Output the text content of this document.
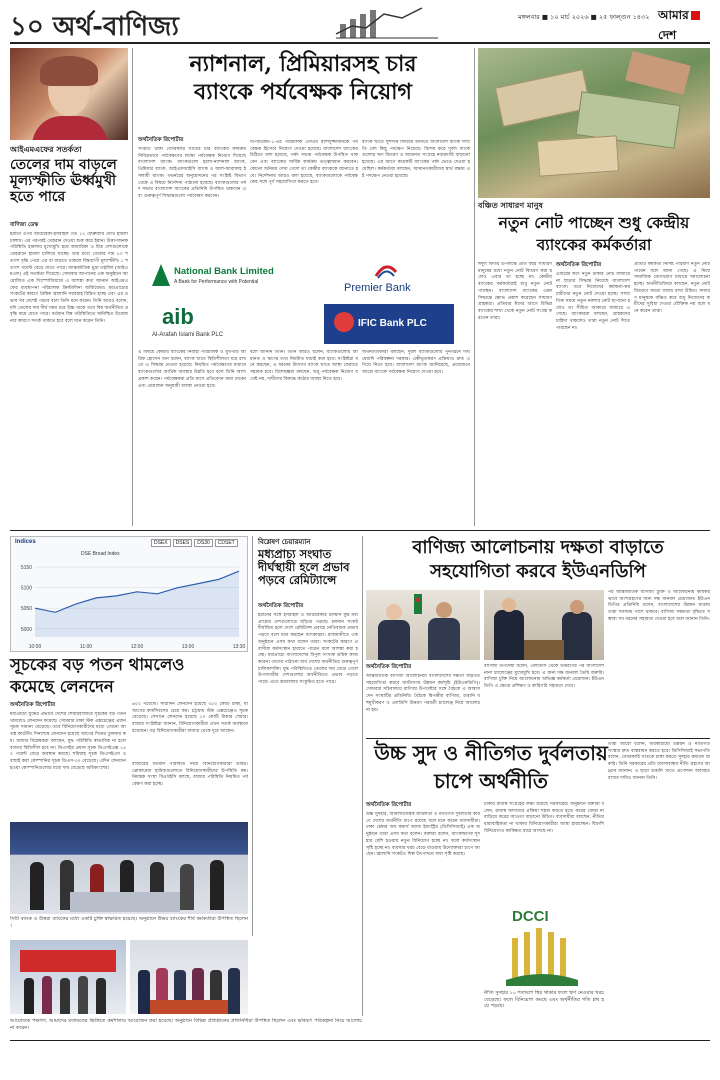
১০ অর্থ-বাণিজ্য	মঙ্গলবার ■ ১০ মার্চ ২০২৬ ■ ২৫ ফাল্গুন ১৪৩২ আমারদেশ
আইএমএফের সতর্কতা
তেলের দাম বাড়লে মূল্যস্ফীতি ঊর্ধ্বমুখী হতে পারে
বাণিজ্য ডেস্ক
ইরানে ওপর আমেরিকা-ইসরাইল গত ১২ ফেব্রুয়ারি যৌথ হামলা চালায়। এর পরপরই তেহরান দেওয়া শুরু করে ইরান। উত্তাপজনক পরিস্থিতি হামলায় মুখোমুখি হয়ে আমারিকা ও মিত্র দেশগুলোকে তেহরানে হামলা চালিয়ে যাচ্ছে। তার মধ্যে তেলের দাম ৮০ শতাংশ বৃদ্ধি পেয়ে এর বা বাড়তে থাকলে বিশ্বব্যাপী মূল্যস্ফীতি ১ শতাংশ পয়েন্ট বেড়ে যেতে পারে। আন্তর্জাতিক মুদ্রা তহবিল (আইএমএফ) এই সতর্কতা দিয়েছে। সোমবার জাপানের এক অনুষ্ঠানে আয়োজিত এক সিম্পোজিয়ামে এ আশঙ্কা কথা জানান আইএমএফের ব্যবস্থাপনা পরিচালক ক্রিস্টালিনা জর্জিয়েভা। মধ্যপ্রাচ্যের সংকটের কারণে বৈশ্বিক জ্বালানি সরবরাহ বিঘ্নিত হচ্ছে এবং এর প্রভাব সব দেশেই পড়বে বলে তিনি মনে করেন। তিনি আরও বলেন, যদি তেলের দাম দীর্ঘ সময় ধরে উচ্চ থাকে তবে বিশ্ব অর্থনীতির প্রবৃদ্ধি কমে যেতে পারে। বর্তমান বিশ্ব পরিস্থিতিতে অনিশ্চিত উত্তেজনার কারণে সতর্ক থাকতে হবে বলে মনে করেন তিনি।
ন্যাশনাল, প্রিমিয়ারসহ চার
ব্যাংকে পর্যবেক্ষক নিয়োগ
অর্থনৈতিক রিপোর্টার
সংকটে থাকা বেসরকারি খাতের চার ব্যাংকের কার্যক্রম নিবিড়ভাবে পর্যবেক্ষণের লক্ষ্যে পর্যবেক্ষক নিয়োগ দিয়েছে বাংলাদেশ ব্যাংক। ব্যাংকগুলো হলো-ন্যাশনাল ব্যাংক, প্রিমিয়ার ব্যাংক, আইএফআইসি ব্যাংক ও আল-আরাফাহ ইসলামী ব্যাংক। গভর্নরের অনুমোদনের পর সংশ্লিষ্ট বিভাগ থেকে এ বিষয়ে নির্দেশনা পাঠানো হয়েছে। ব্যাংকগুলোর পর্ষদ সভায় বাংলাদেশ ব্যাংকের প্রতিনিধি উপস্থিত থাকবেন এবং গুরুত্বপূর্ণ সিদ্ধান্তগুলো পর্যবেক্ষণ করবেন।
ডিপার্টমেন্ট-১-এর পরিচালক এসএম রাশিদুজ্জামানকে পর্যবেক্ষক হিসেবে নিয়োগ দেওয়া হয়েছে। বাংলাদেশ ব্যাংকের চিঠিতে বলা হয়েছে, পর্ষদ সভায় পর্যবেক্ষক উপস্থিত থাকবেন এবং ব্যাংকের সার্বিক কার্যক্রম তত্ত্বাবধান করবেন। কোনো অনিয়ম দেখা গেলে তা কেন্দ্রীয় ব্যাংককে জানাতে হবে। নির্দেশনায় আরও বলা হয়েছে, ব্যাংকগুলোকে পর্যবেক্ষকের সঙ্গে পূর্ণ সহযোগিতা করতে হবে।
ব্যাংক খাতে সুশাসন ফিরিয়ে আনতে বাংলাদেশ ব্যাংক সম্প্রতি বেশ কিছু পদক্ষেপ নিয়েছে। বিশেষ করে দুর্বল ব্যাংকগুলোর ঋণ বিতরণ ও আমানত সংগ্রহে নজরদারি বাড়ানো হয়েছে। এর আগে কয়েকটি ব্যাংকের পর্ষদ ভেঙে দেওয়া হয়েছিল। কর্মকর্তারা বলছেন, আমানতকারীদের স্বার্থ রক্ষায় এই পদক্ষেপ নেওয়া হয়েছে।
National Bank Limited
A Bank for Performance with Potential	Premier Bank
aib
Al-Arafah Islami Bank PLC
IFIC Bank PLC
এ বিষয়ে কেন্দ্রীয় ব্যাংকের নির্বাহী পরিচালক ও মুখপাত্র আরিফ হোসেন খান বলেন, ব্যাংক খাতে স্থিতিশীলতা ধরে রাখতে এ সিদ্ধান্ত নেওয়া হয়েছে। নিয়মিত পর্যবেক্ষণের মাধ্যমে ব্যাংকগুলোর আর্থিক অবস্থার উন্নতি হবে বলে তিনি আশা প্রকাশ করেন। পর্যবেক্ষকরা প্রতি মাসে প্রতিবেদন জমা দেবেন এবং প্রয়োজন অনুযায়ী ব্যবস্থা নেওয়া হবে।
বলে জানান তিনি। তিনি আরও বলেন, ব্যাংকগুলোর আমানত ও ঋণের তথ্য নিয়মিত যাচাই করা হবে। সংশ্লিষ্টরা মনে করছেন, এ ধরনের উদ্যোগ ব্যাংক খাতে আস্থা ফেরাতে সহায়ক হবে। বিশেষজ্ঞরা বলছেন, শুধু পর্যবেক্ষক নিয়োগ যথেষ্ট নয়, দায়ীদের বিরুদ্ধে কঠোর ব্যবস্থা নিতে হবে।
অর্থনীতিবিদরা বলছেন, দুর্বল ব্যাংকগুলোর পুনর্গঠনে দীর্ঘমেয়াদি পরিকল্পনা দরকার। একীভূতকরণ প্রক্রিয়াও দ্রুত এগিয়ে নিতে হবে। বাংলাদেশ ব্যাংক জানিয়েছে, প্রয়োজনে আরো ব্যাংকে পর্যবেক্ষক নিয়োগ দেওয়া হবে।
বঞ্চিত সাধারণ মানুষ
নতুন নোট পাচ্ছেন শুধু কেন্দ্রীয়
ব্যাংকের কর্মকর্তারা
ঈদুল ফিতর উপলক্ষে প্রতি বছর সাধারণ মানুষের মধ্যে নতুন নোট বিতরণ করা হলেও এবার তা হচ্ছে না। কেন্দ্রীয় ব্যাংকের কর্মকর্তারাই শুধু নতুন নোট পাচ্ছেন। বাংলাদেশ ব্যাংকের এমন সিদ্ধান্তে ক্ষোভ প্রকাশ করেছেন সাধারণ গ্রাহকরা। প্রতিবার ঈদের আগে বিভিন্ন ব্যাংকের শাখা থেকে নতুন নোট সংগ্রহ করতেন তারা।
অর্থনৈতিক রিপোর্টার
এবারের ঈদে নতুন টাকার নোট বাজারে না ছাড়ার সিদ্ধান্ত নিয়েছে বাংলাদেশ ব্যাংক। তবে নিজেদের কর্মকর্তা-কর্মচারীদের নতুন নোট দেওয়া হচ্ছে। সাম্প্রতিক সময়ে নতুন নকশার নোট ছাপানো হলেও তা সীমিত আকারে বাজারে এসেছে। ব্যাংকাররা বলছেন, গ্রাহকদের চাহিদা থাকলেও তারা নতুন নোট দিতে পারছেন না।
প্রতিটি কর্মকর্তা নির্দিষ্ট পরিমাণ নতুন নোট পাবেন বলে জানা গেছে। এ নিয়ে সামাজিক যোগাযোগ মাধ্যমে সমালোচনা হচ্ছে। অর্থনীতিবিদরা বলছেন, নতুন নোট বিতরণে সমতা বজায় রাখা উচিত। সাধারণ মানুষকে বঞ্চিত করে শুধু নিজেদের কর্মীদের সুবিধা দেওয়া যৌক্তিক নয় বলে মনে করেন তারা।
Indices	DSEX	DSES	DS30	CDSET
DSE Broad Index
5000
5050
5100
5150
10:00	11:00	12:00	13:00	13:30
সূচকের বড় পতন থামলেও
কমেছে লেনদেন
অর্থনৈতিক রিপোর্টার
মধ্যপ্রাচ্যে যুদ্ধের প্রভাবে দেশের শেয়ারবাজারে সূচকের বড় পতন থামলেও লেনদেন কমেছে। সোমবার ঢাকা স্টক এক্সচেঞ্জের প্রধান সূচক সামান্য বেড়েছে। তবে বিনিয়োগকারীদের মধ্যে এখনো আতঙ্ক কাটেনি। দিনশেষে লেনদেন হয়েছে আগের দিনের তুলনায় কম। বাজার বিশ্লেষকরা বলছেন, যুদ্ধ পরিস্থিতি স্বাভাবিক না হলে বাজার স্থিতিশীল হবে না। ডিএসইর প্রধান সূচক ডিএসইএক্স ১৪০ পয়েন্ট বেড়ে অবস্থান করছে। শরিয়াহ সূচক ডিএসইএস ও বাছাই করা কোম্পানির সূচক ডিএস-৩০ বেড়েছে। এদিন লেনদেন হওয়া কোম্পানিগুলোর মধ্যে দাম বেড়েছে অধিকাংশের।
৬০০ পয়েন্টে। সারাদিন লেনদেন হয়েছে ৩৫০ কোটি টাকা, যা আগের কার্যদিবসের চেয়ে কম। চট্টগ্রাম স্টক এক্সচেঞ্জেও সূচক বেড়েছে। সেখানে লেনদেন হয়েছে ১০ কোটি টাকার শেয়ার। বাজার সংশ্লিষ্টরা জানান, বিনিয়োগকারীরা এখন সতর্ক অবস্থানে রয়েছেন। বড় বিনিয়োগকারীরা বাজার থেকে দূরে আছেন।
বাজারের বর্তমান পরিস্থিতি নিয়ে বিনিয়োগকারীরা উদ্বিগ্ন। ব্রোকারেজ হাউজগুলোতে বিনিয়োগকারীদের উপস্থিতি কম। নিয়ন্ত্রক সংস্থা বিএসইসি বলছে, বাজার পরিস্থিতি নিয়মিত পর্যবেক্ষণ করা হচ্ছে।
সিটি ব্যাংক ও উত্তরা ব্যাংকের মধ্যে একটি চুক্তি স্বাক্ষরিত হয়েছে। অনুষ্ঠানে উভয় ব্যাংকের শীর্ষ কর্মকর্তারা উপস্থিত ছিলেন।
বিশ্লেষণ চেয়ারম্যান
মধ্যপ্রাচ্য সংঘাত দীর্ঘস্থায়ী হলে প্রভাব পড়বে রেমিট্যান্সে
অর্থনৈতিক রিপোর্টার
ইরানের সঙ্গে ইসরাইল ও আমেরিকার চলমান যুদ্ধ মধ্যপ্রাচ্যের দেশগুলোতে ছড়িয়ে পড়ছে। চলমান সংকট দীর্ঘায়িত হলে দেশে রেমিট্যান্স প্রবাহে নেতিবাচক প্রভাব পড়বে বলে মনে করছেন ব্যাংকাররা। রাজধানীতে এক অনুষ্ঠানে এসব কথা বলেন তারা। সংকটের কারণে প্রবাসীরা কর্মসংস্থান হারাতে পারেন বলে আশঙ্কা করা হচ্ছে। মধ্যপ্রাচ্যে বাংলাদেশের বিপুল সংখ্যক শ্রমিক কাজ করেন। তাদের পাঠানো অর্থ দেশের অর্থনীতির গুরুত্বপূর্ণ চালিকাশক্তি। যুদ্ধ পরিস্থিতিতে তেলের দাম বেড়ে গেলে উপসাগরীয় দেশগুলোর অর্থনীতিতে প্রভাব পড়তে পারে। এতে শ্রমবাজার সংকুচিত হতে পারে।
বাণিজ্য আলোচনায় দক্ষতা বাড়াতে
সহযোগিতা করবে ইউএনডিপি
অর্থনৈতিক রিপোর্টার
আন্তর্জাতিক বাণিজ্য আলোচনায় বাংলাদেশের দক্ষতা বাড়াতে সহযোগিতা করবে জাতিসংঘ উন্নয়ন কর্মসূচি (ইউএনডিপি)। সোমবার সচিবালয়ে বাণিজ্য উপদেষ্টার সঙ্গে বৈঠকে এ আশ্বাস দেন সংস্থাটির প্রতিনিধি। বৈঠকে দ্বিপক্ষীয় বাণিজ্য, রপ্তানি বহুমুখীকরণ ও এলডিসি উত্তরণ পরবর্তী চ্যালেঞ্জ নিয়ে আলোচনা হয়।
বাণিজ্য উপদেষ্টা বলেন, এলডিসি থেকে উত্তরণের পর বাংলাদেশ নানা চ্যালেঞ্জের মুখোমুখি হবে। এ জন্য দক্ষ জনবল তৈরি জরুরি। বাণিজ্য চুক্তি নিয়ে আলোচনায় অভিজ্ঞ কর্মকর্তা প্রয়োজন। ইউএনডিপি এ ক্ষেত্রে প্রশিক্ষণ ও কারিগরি সহায়তা দেবে।
পর আন্তর্জাতিক বাণিজ্য চুক্তি ও আলোচনায় কার্যকরভাবে অংশগ্রহণের জন্য দক্ষ জনবল প্রয়োজন। ইউএনডিপির প্রতিনিধি বলেন, বাংলাদেশের উন্নয়ন যাত্রায় তারা সবসময় পাশে থাকবে। বাণিজ্য সক্ষমতা বৃদ্ধিতে সম্ভাব্য সব ধরনের সহায়তা দেওয়া হবে বলে জানান তিনি।
উচ্চ সুদ ও নীতিগত দুর্বলতায়
চাপে অর্থনীতি
অর্থনৈতিক রিপোর্টার
উচ্চ সুদহার, আমলাতান্ত্রিক জটিলতা ও নীতিগত দুর্বলতার কারণে দেশের অর্থনীতি চাপে রয়েছে বলে মনে করেন ব্যবসায়ীরা। ঢাকা চেম্বার অব কমার্স অ্যান্ড ইন্ডাস্ট্রির (ডিসিসিআই) এক অনুষ্ঠানে তারা এসব কথা বলেন। বক্তারা বলেন, ব্যাংকঋণের সুদহার বেশি হওয়ায় নতুন বিনিয়োগ হচ্ছে না। ফলে কর্মসংস্থান সৃষ্টি হচ্ছে না। ব্যবসার খরচ বেড়ে যাওয়ায় উদ্যোক্তারা চাপে আছেন। জ্বালানি সংকটও শিল্প উৎপাদনে বাধা সৃষ্টি করছে।
টাকার রাজস্ব সংগ্রহের লক্ষ্য রয়েছে সরকারের। অনুষ্ঠানে বক্তারা বলেন, রাজস্ব আদায়ের প্রক্রিয়া সহজ করতে হবে। করের বোঝা না বাড়িয়ে করের আওতা বাড়ানো উচিত। ব্যবসায়ীরা বলছেন, নীতির ধারাবাহিকতা না থাকায় বিনিয়োগকারীরা আস্থা হারাচ্ছেন। বিদেশি বিনিয়োগও কাঙ্ক্ষিত হারে আসছে না।
DCCI
নীতি সুদহার ১০ শতাংশে স্থির থাকার ফলে ঋণ নেওয়ার খরচ বেড়েছে। ফলে বিনিয়োগ কমছে এবং অর্থনীতির গতি শ্লথ হয়ে পড়ছে।
তারা আরো বলেন, অবকাঠামো উন্নয়ন ও নীতিগত সংস্কার দ্রুত বাস্তবায়ন করতে হবে। ডিসিসিআই সভাপতি বলেন, বেসরকারি খাতকে চাঙ্গা করতে সুদহার কমানো জরুরি। তিনি সরকারের প্রতি ব্যবসাবান্ধব নীতি গ্রহণের আহ্বান জানান। এ ছাড়া রপ্তানি খাতে প্রণোদনা অব্যাহত রাখার দাবিও জানান তিনি।
আয়োজক পক্ষগণ, আমাদের মতামতের ভিত্তিতে কর্মশালার আয়োজন করা হয়েছে। অনুষ্ঠানে বিভিন্ন প্রতিষ্ঠানের প্রতিনিধিরা উপস্থিত ছিলেন এবং ভবিষ্যৎ পরিকল্পনা নিয়ে আলোচনা করেন।
